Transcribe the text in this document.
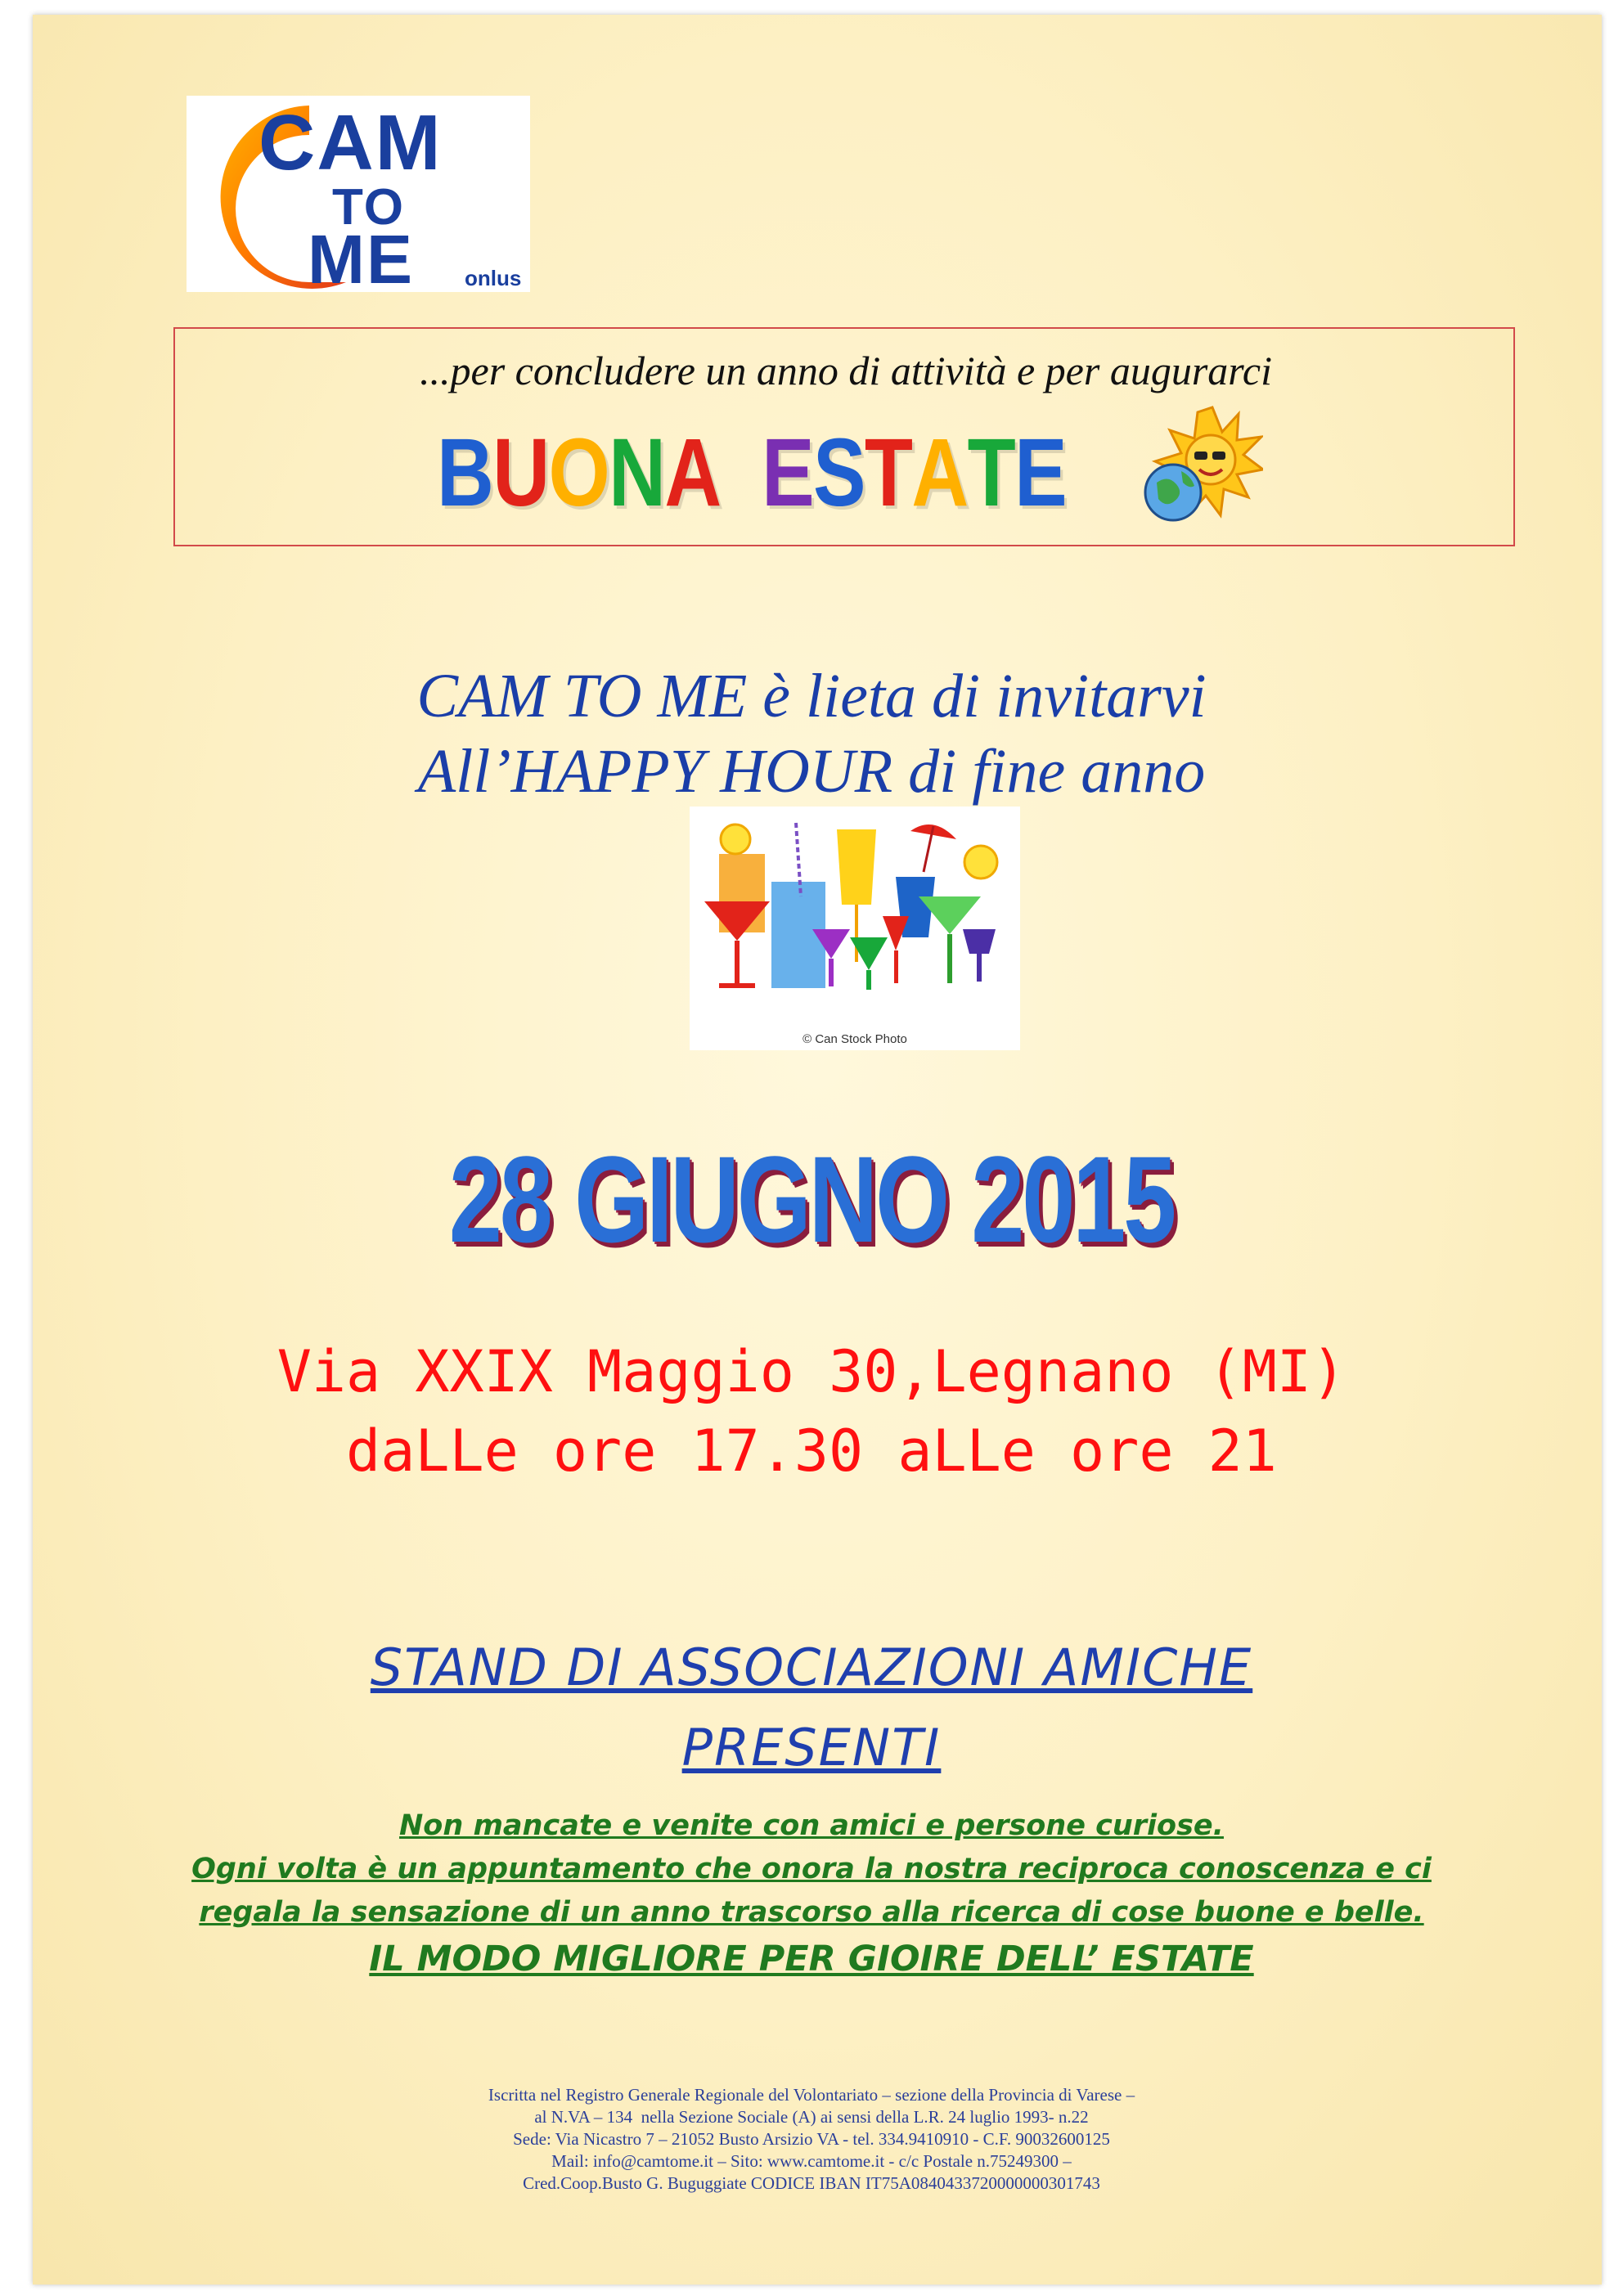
CAM
TO
ME onlus
...per concludere un anno di attività e per augurarci
B U O N A

E S T A T E
CAM TO ME è lieta di invitarvi
All’HAPPY HOUR di fine anno
© Can Stock Photo
28 GIUGNO 2015
Via XXIX Maggio 30,Legnano (MI)
daLLe ore 17.30 aLLe ore 21
STAND DI ASSOCIAZIONI AMICHE
PRESENTI
Non mancate e venite con amici e persone curiose.
Ogni volta è un appuntamento che onora la nostra reciproca conoscenza e ci
regala la sensazione di un anno trascorso alla ricerca di cose buone e belle.
IL MODO MIGLIORE PER GIOIRE DELL’ ESTATE
Iscritta nel Registro Generale Regionale del Volontariato – sezione della Provincia di Varese –
al N.VA – 134  nella Sezione Sociale (A) ai sensi della L.R. 24 luglio 1993- n.22
Sede: Via Nicastro 7 – 21052 Busto Arsizio VA - tel. 334.9410910 - C.F. 90032600125
Mail: info@camtome.it – Sito: www.camtome.it - c/c Postale n.75249300 –
Cred.Coop.Busto G. Buguggiate CODICE IBAN IT75A0840433720000000301743
